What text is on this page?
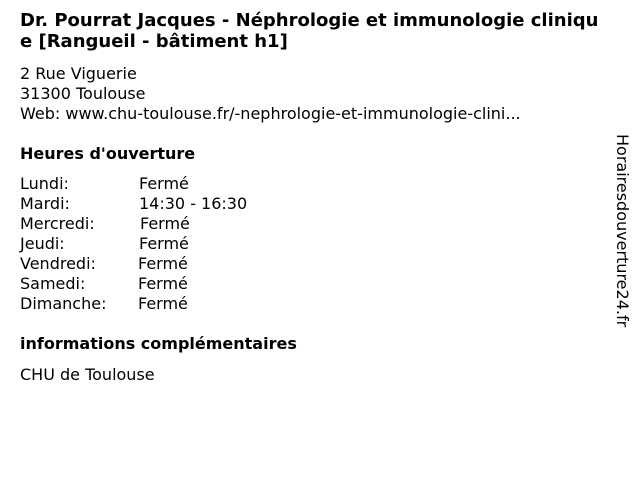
Dr. Pourrat Jacques - Néphrologie et immunologie clinique [Rangueil - bâtiment h1]
2 Rue Viguerie
31300 Toulouse
Web: www.chu-toulouse.fr/-nephrologie-et-immunologie-clini...
Heures d'ouverture
Lundi:	Fermé
Mardi:	14:30 - 16:30
Mercredi:	Fermé
Jeudi:	Fermé
Vendredi:	Fermé
Samedi:	Fermé
Dimanche: Fermé
informations complémentaires
CHU de Toulouse
Horairesdouverture24.fr
